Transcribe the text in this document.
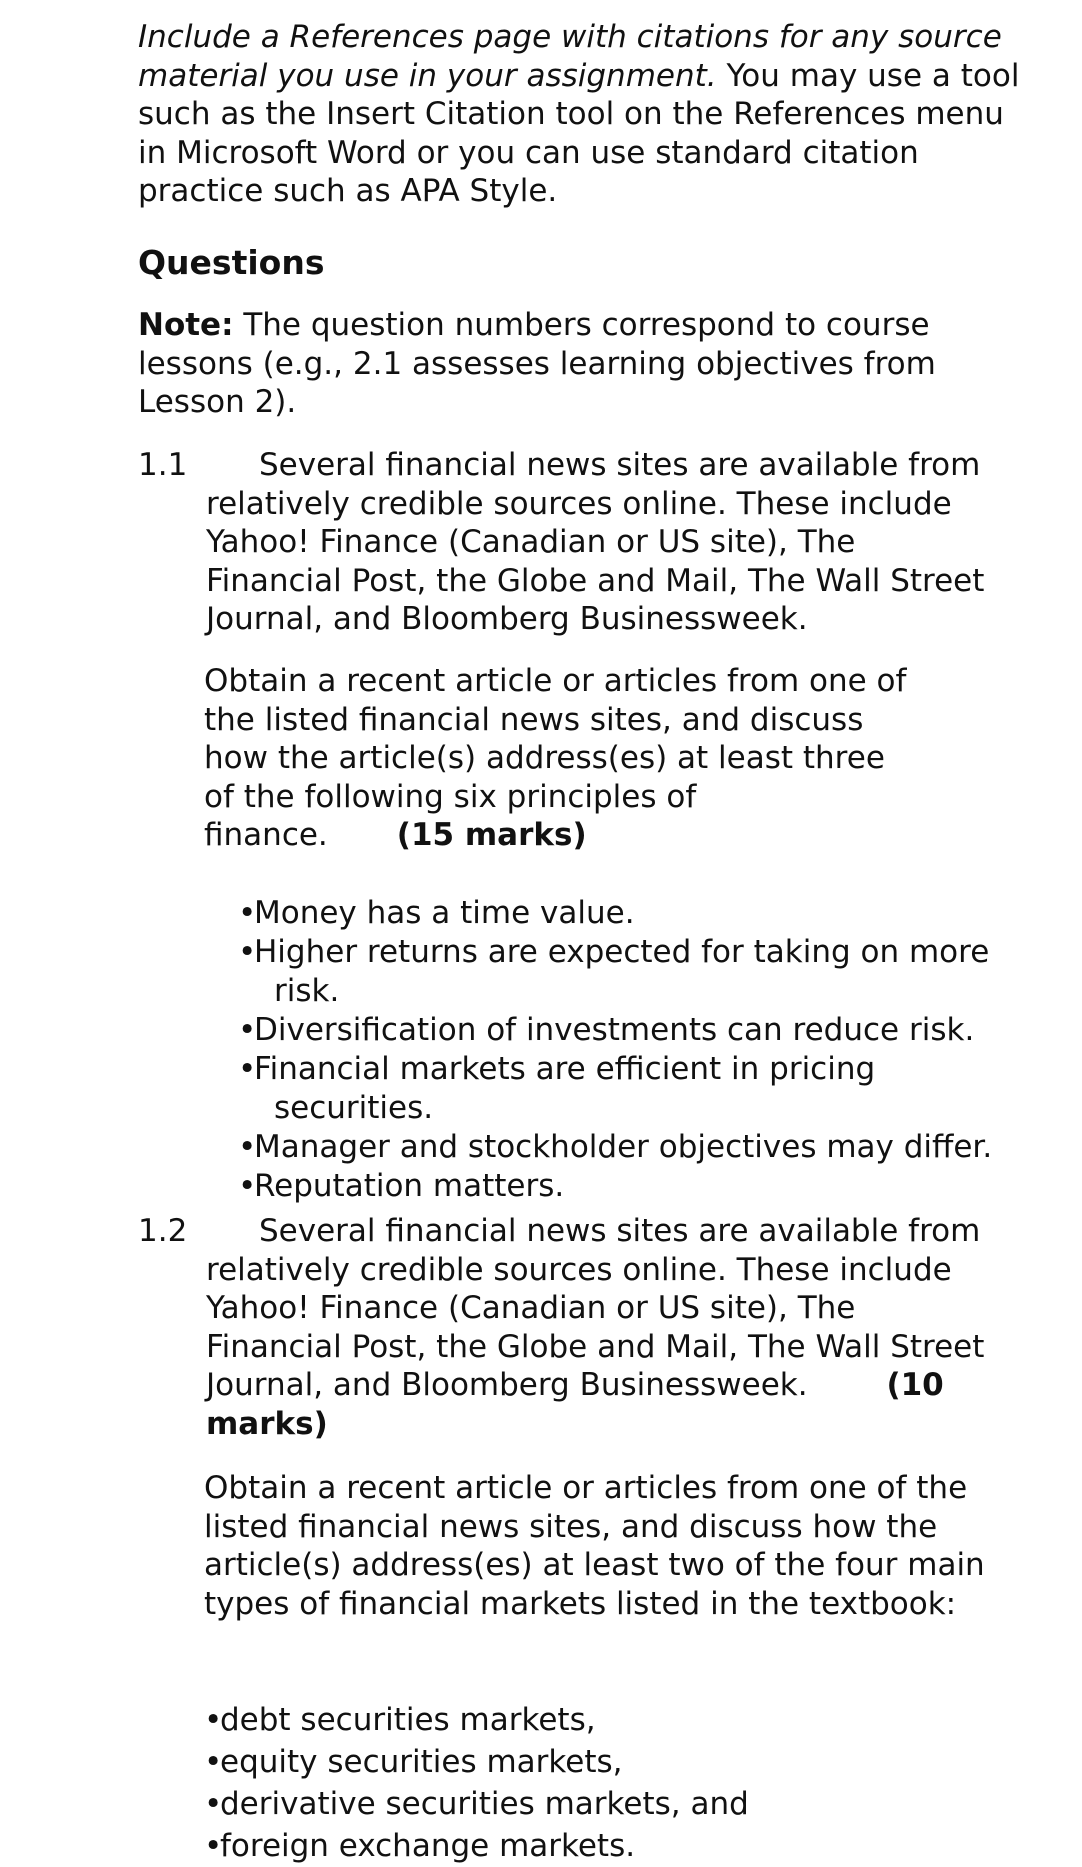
Include a References page with citations for any source material you use in your assignment. You may use a tool such as the Insert Citation tool on the References menu in Microsoft Word or you can use standard citation practice such as APA Style.

Questions

Note: The question numbers correspond to course lessons (e.g., 2.1 assesses learning objectives from Lesson 2).

1.1	Several financial news sites are available from
relatively credible sources online. These include
Yahoo! Finance (Canadian or US site), The
Financial Post, the Globe and Mail, The Wall Street
Journal, and Bloomberg Businessweek.

Obtain a recent article or articles from one of the listed financial news sites, and discuss how the article(s) address(es) at least three of the following six principles of finance. (15 marks)

•
Money has a time value.
•
Higher returns are expected for taking on more
risk.
•
Diversification of investments can reduce risk.
•
Financial markets are efficient in pricing
securities.
•
Manager and stockholder objectives may differ.
•
Reputation matters.
1.2	Several financial news sites are available from
relatively credible sources online. These include
Yahoo! Finance (Canadian or US site), The
Financial Post, the Globe and Mail, The Wall Street
Journal, and Bloomberg Businessweek.	(10 marks)

Obtain a recent article or articles from one of the listed financial news sites, and discuss how the article(s) address(es) at least two of the four main types of financial markets listed in the textbook:

•
debt securities markets,
•
equity securities markets,
•
derivative securities markets, and
•
foreign exchange markets.
